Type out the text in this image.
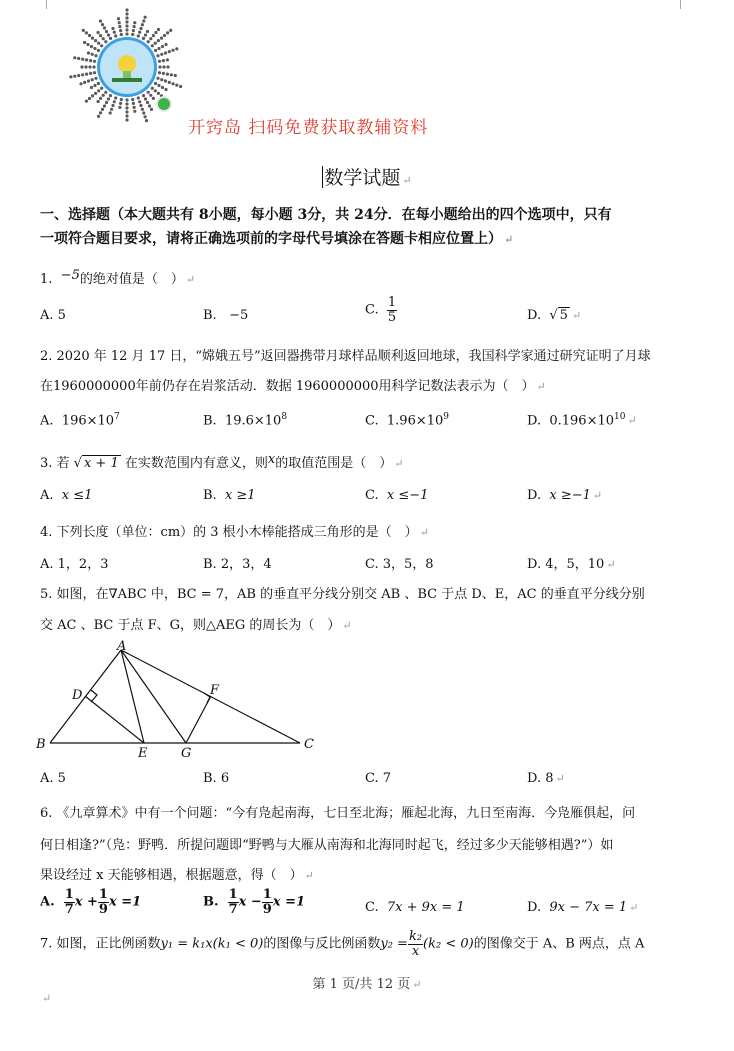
开窍岛 扫码免费获取教辅资料
数学试题 ↵
一、选择题（本大题共有 8小题，每小题 3分，共 24分．在每小题给出的四个选项中，只有
一项符合题目要求，请将正确选项前的字母代号填涂在答题卡相应位置上） ↵
1. −5的绝对值是（　） ↵
A. 5	B. −5	C. $\frac{1}{5}$	D.  √ 5 ↵
2. 2020 年 12 月 17 日，“嫦娥五号”返回器携带月球样品顺利返回地球，我国科学家通过研究证明了月球
在1960000000年前仍存在岩浆活动．数据 1960000000用科学记数法表示为（　） ↵
A. $196\times 10^7$	B. $19.6\times 10^8$	C. $1.96\times 10^9$	D. $0.196\times 10^{10}$ ↵
3. 若 √ x + 1 在实数范围内有意义，则x的取值范围是（　） ↵
A. x ≤1	B. x ≥1	C. x ≤−1	D. x ≥−1 ↵
4. 下列长度（单位：cm）的 3 根小木棒能搭成三角形的是（　） ↵
A. 1，2，3	B. 2，3，4	C. 3，5，8	D. 4，5，10 ↵
5. 如图，在∇ABC 中，BC = 7，AB 的垂直平分线分别交 AB 、BC 于点 D、E，AC 的垂直平分线分别
交 AC 、BC 于点 F、G，则△AEG 的周长为（　） ↵
A
B	C
D
E
F
G
A. 5	B. 6	C. 7	D. 8 ↵
6. 《九章算术》中有一个问题：“今有凫起南海，七日至北海；雁起北海，九日至南海．今凫雁俱起，问
何日相逢?”（凫：野鸭．所提问题即“野鸭与大雁从南海和北海同时起飞，经过多少天能够相遇?”）如
果设经过 x 天能够相遇，根据题意，得（　） ↵
A. $\frac{1}{7}$ $x + \frac{1}{9}$ x =1	B. $\frac{1}{7}$ $x - \frac{1}{9}$ x =1	C. 7x + 9x = 1	D. 9x − 7x = 1 ↵
7. 如图，正比例函数y₁ = k₁x(k₁ < 0)的图像与反比例函数$y_2 = \frac{\text{k₂}}{x} (k_2 < 0)$的图像交于 A、B 两点，点 A
第 1 页/共 12 页 ↵
↵
